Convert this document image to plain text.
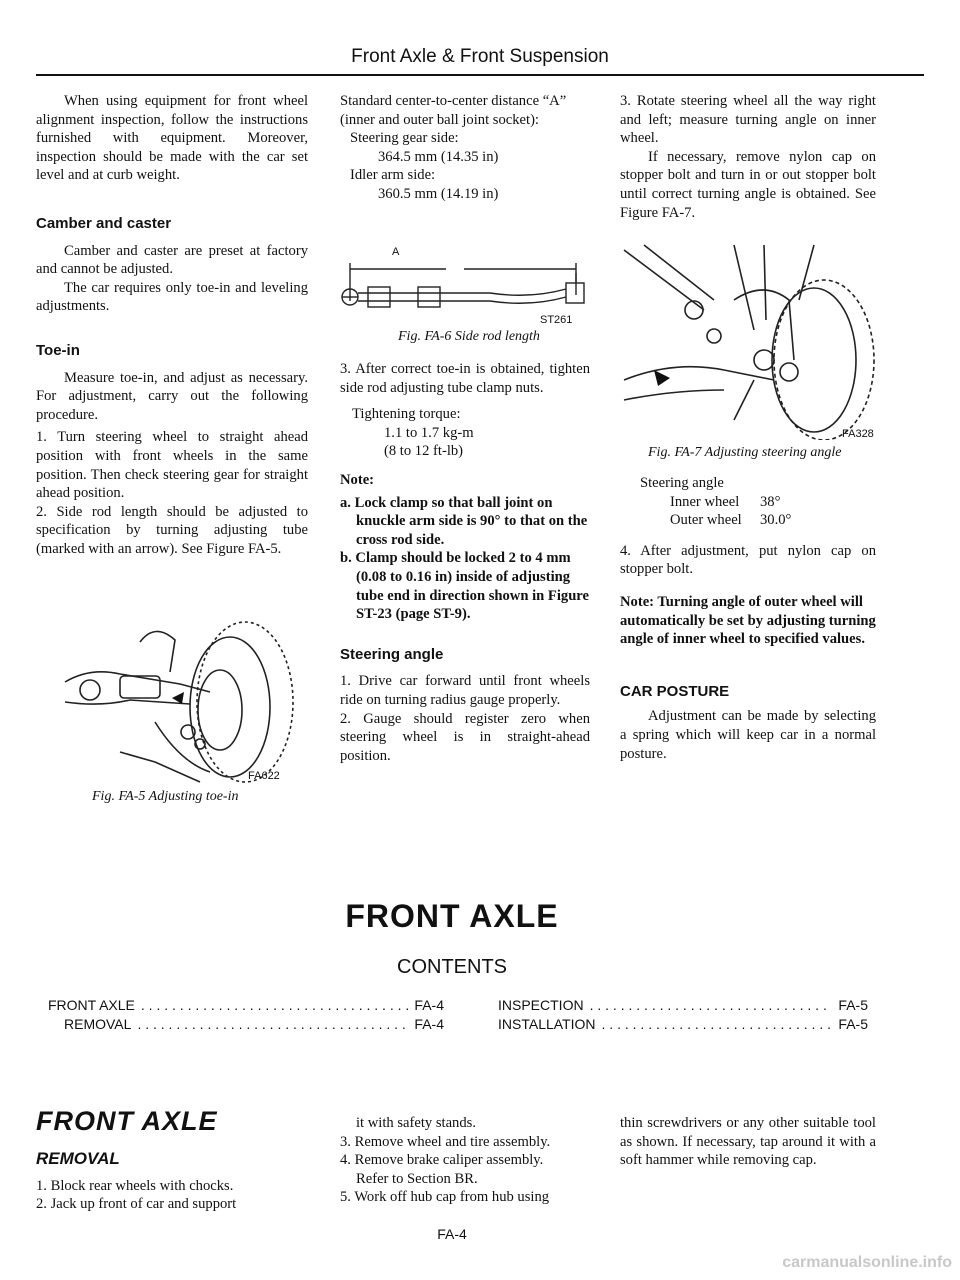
Front Axle & Front Suspension

When using equipment for front wheel alignment inspection, follow the instructions furnished with equipment. Moreover, inspection should be made with the car set level and at curb weight.

Camber and caster

Camber and caster are preset at factory and cannot be adjusted.

The car requires only toe-in and leveling adjustments.

Toe-in

Measure toe-in, and adjust as necessary. For adjustment, carry out the following procedure.

1. Turn steering wheel to straight ahead position with front wheels in the same position. Then check steering gear for straight ahead position.

2. Side rod length should be adjusted to specification by turning adjusting tube (marked with an arrow). See Figure FA-5.

FA622
Fig. FA-5 Adjusting toe-in

Standard center-to-center distance “A” (inner and outer ball joint socket):

Steering gear side:

364.5 mm (14.35 in)

Idler arm side:

360.5 mm (14.19 in)

A
ST261
Fig. FA-6 Side rod length

3. After correct toe-in is obtained, tighten side rod adjusting tube clamp nuts.

Tightening torque:

1.1 to 1.7 kg-m

(8 to 12 ft-lb)

Note:

a. Lock clamp so that ball joint on knuckle arm side is 90° to that on the cross rod side.

b. Clamp should be locked 2 to 4 mm (0.08 to 0.16 in) inside of adjusting tube end in direction shown in Figure ST-23 (page ST-9).

Steering angle

1. Drive car forward until front wheels ride on turning radius gauge properly.

2. Gauge should register zero when steering wheel is in straight-ahead position.

3. Rotate steering wheel all the way right and left; measure turning angle on inner wheel.

If necessary, remove nylon cap on stopper bolt and turn in or out stopper bolt until correct turning angle is obtained. See Figure FA-7.

FA328
Fig. FA-7 Adjusting steering angle

Steering angle

Inner wheel	38°
Outer wheel	30.0°

4. After adjustment, put nylon cap on stopper bolt.

Note: Turning angle of outer wheel will automatically be set by adjusting turning angle of inner wheel to specified values.

CAR POSTURE

Adjustment can be made by selecting a spring which will keep car in a normal posture.

FRONT AXLE
CONTENTS
FRONT AXLE . . .	FA-4
REMOVAL . . .	FA-4
INSPECTION . . .	FA-5
INSTALLATION . . .	FA-5
FRONT AXLE

REMOVAL

1. Block rear wheels with chocks.

2. Jack up front of car and support

it with safety stands.

3. Remove wheel and tire assembly.

4. Remove brake caliper assembly.

Refer to Section BR.

5. Work off hub cap from hub using

thin screwdrivers or any other suitable tool as shown. If necessary, tap around it with a soft hammer while removing cap.

FA-4
carmanualsonline.info
